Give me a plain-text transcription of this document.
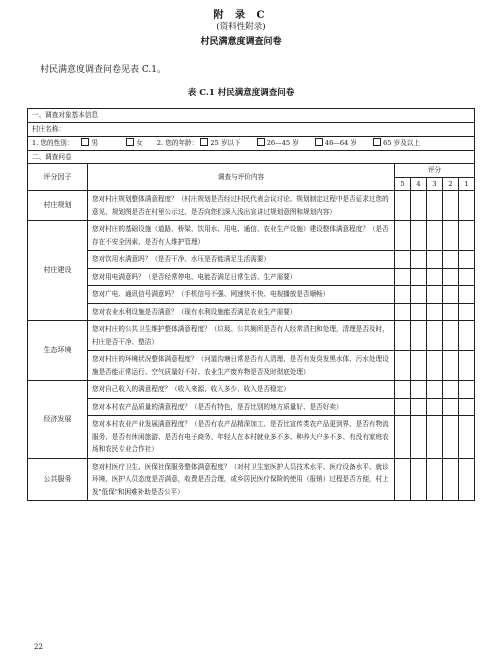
附 录 C
(资料性附录)
村民满意度调查问卷
村民满意度调查问卷见表 C.1。
表 C.1 村民满意度调查问卷
一、调查对象基本信息						
村庄名称：						
1. 您的性别： 男 女 2. 您的年龄： 25 岁以下 26—45 岁 46—64 岁 65 岁及以上						
二、调查问卷						
评分因子	调查与评价内容	评分				
		5	4	3	2	1
村庄规划	您对村庄规划整体满意程度？（村庄规划是否经过村民代表会议讨论、规划制定过程中是否征求过您的意见、规划图是否在村里公示过、是否向您们深入浅出宣讲过规划意图和规划内容）					
村庄建设	您对村庄的基础设施（道路、桥梁、饮用水、用电、通信、农业生产设施）建设整体满意程度？（是否存在不安全因素、是否有人维护管理）					
	您对饮用水满意吗？（是否干净、水压是否能满足生活需要）					
	您对用电满意吗？（是否经常停电、电能否满足日常生活、生产需要）					
	您对广电、通讯信号满意吗？（手机信号不强、网速快不快、电视播放是否顺畅）					
	您对农业水利设施是否满意？（现有水利设施能否满足农业生产需要）					
生态环境	您对村庄的公共卫生维护整体满意程度？（垃圾、公共厕所是否有人经常清扫和处理，清理是否及时，村庄是否干净、整洁）					
	您对村庄的环境状况整体满意程度？（河道沟塘日常是否有人清理、是否有发臭发黑水体、污水处理设施是否能正常运行、空气质量好不好、农业生产废弃物是否及时彻底处理）					
经济发展	您对自己收入的满意程度？（收入来源、收入多少、收入是否稳定）					
	您对本村农产品质量的满意程度？（是否有特色，是否比别的地方质量好、是否好卖）					
	您对本村农业产业发展满意程度？（是否有农产品精深加工、是否比宣传类农产品更到界、是否有物流服务、是否有休闲旅游、是否有电子商务、年轻人在本村就业多不多、种养大户多不多、有没有家庭农场和农民专业合作社）					
公共服务	您对村医疗卫生、医保社保服务整体满意程度？（对村卫生室医护人员技术水平、医疗设备水平、就诊环境、医护人员态度是否满意，收费是否合理，或乡居民医疗保险的使用（报销）过程是否方便，村上发"低保"和困难补助是否公平）					
22
